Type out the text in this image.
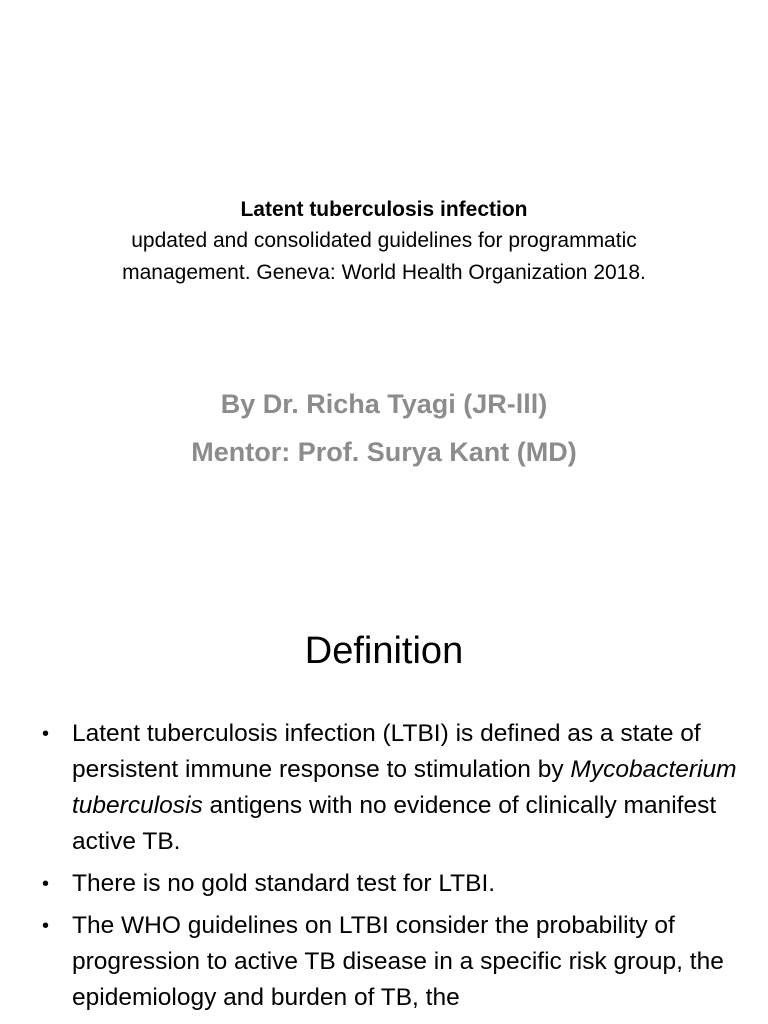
Latent tuberculosis infection
updated and consolidated guidelines for programmatic
management. Geneva: World Health Organization 2018.
By Dr. Richa Tyagi (JR-lll)
Mentor: Prof. Surya Kant (MD)
Definition
• Latent tuberculosis infection (LTBI) is defined as a state of persistent immune response to stimulation by Mycobacterium tuberculosis antigens with no evidence of clinically manifest active TB.
• There is no gold standard test for LTBI.
• The WHO guidelines on LTBI consider the probability of progression to active TB disease in a specific risk group, the epidemiology and burden of TB, the
